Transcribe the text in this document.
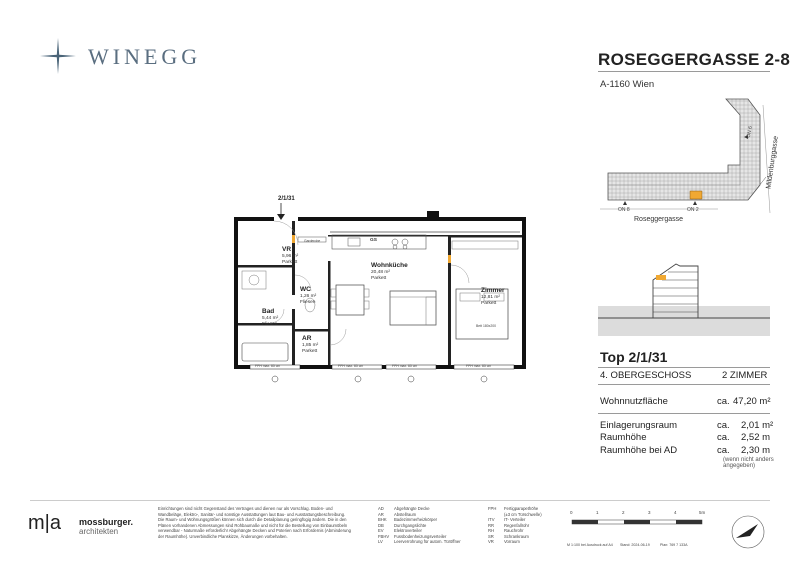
WINEGG	ROSEGGERGASSE 2-8
A-1160 Wien
ON 8	ON 2
ON 6
Roseggergasse
Mildenburggasse
Top 2/1/31
4. OBERGESCHOSS	2 ZIMMER
Wohnnutzfläche	ca. 47,20 m²
Einlagerungsraum	ca. 2,01 m²
Raumhöhe	ca. 2,52 m
Raumhöhe bei AD	ca. 2,30 m
(wenn nicht anders angegeben)
2/1/31
VR
5,96 m²
Parkett
Garderobe	GS
Wohnküche
20,48 m²
Parkett
Zimmer
12,81 m²
Parkett
Bett 180x200
Bad
5,44 m²
Fliesen
WC
1,26 m²
Fliesen
AR
1,85 m²
Parkett
FPH max. 85 cm	FPH max. 85 cm	FPH max. 85 cm	FPH max. 85 cm
m|a mossburger.
architekten
Einrichtungen sind nicht Gegenstand des Vertrages und dienen nur als Vorschlag. Boden- und
Wandbeläge, Elektro-, Sanitär- und sonstige Ausstattungen laut Bau- und Ausstattungsbeschreibung.
Die Raum- und Wohnungsgrößen können sich durch die Detailplanung geringfügig ändern. Die in den
Plänen vorhandenen Abmessungen sind Rohbaumaße und nicht für die Bestellung von Einbaumöbeln
verwendbar - Naturmaße erforderlich! Abgehängte Decken und Poterien nach Erfordernis (Abminderung
der Raumhöhe). Unverbindliche Planskizze, Änderungen vorbehalten.
AD	Abgehängte Decke
AR	Abstellraum
BHK	Badezimmerheizkörper
DB	Durchgangslichte
EV	Elektroverteiler
FBHV	Fussbodenheizungsverteiler
LV	Leerverrohrung für autom. Türöffner
FPH	Fertigparapethöhe
(±3 cm Türschwelle)
ITV	IT- Verteiler
RR	Regenfallrohr
RH	Rauchrohr
SR	Schrankraum
VR	Vorraum
0	1	2	3	4	5m
M 1:100 bei Ausdruck auf A4 Stand: 2024-06-19	Plan: 769 7 133A
